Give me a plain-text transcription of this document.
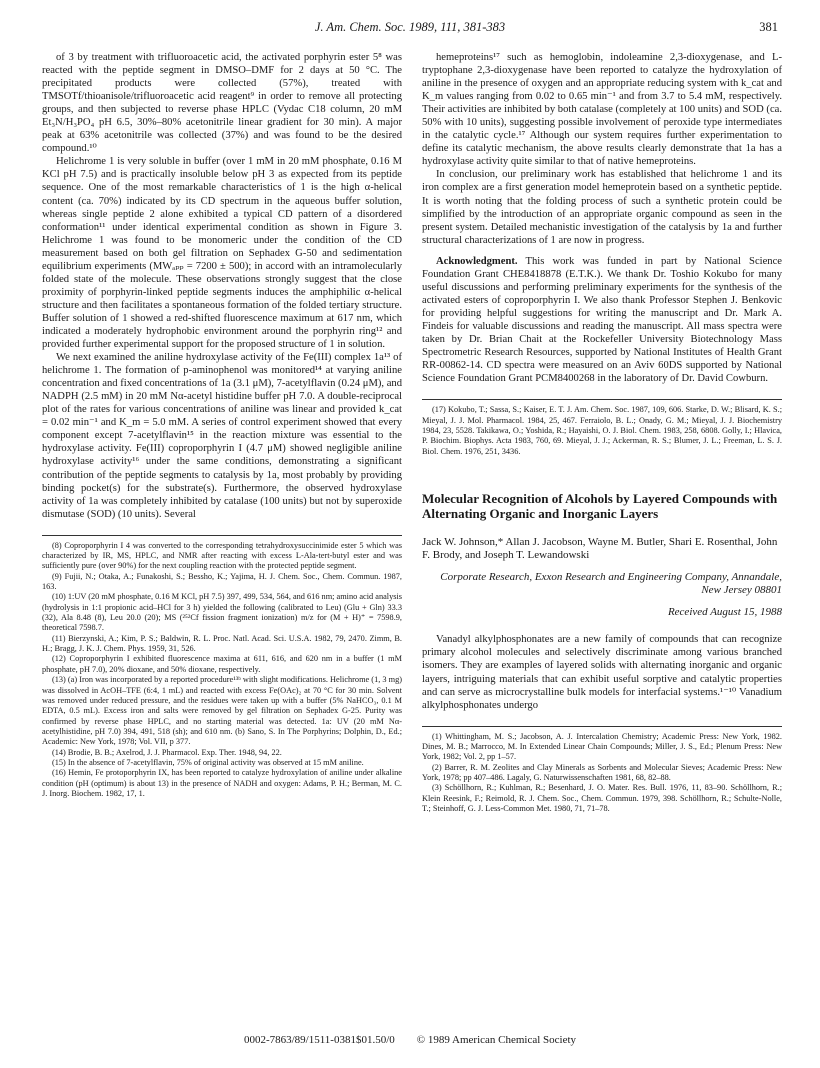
J. Am. Chem. Soc. 1989, 111, 381-383	381

of 3 by treatment with trifluoroacetic acid, the activated porphyrin ester 5⁸ was reacted with the peptide segment in DMSO–DMF for 2 days at 50 °C. The precipitated products were collected (57%), treated with TMSOTf/thioanisole/trifluoroacetic acid reagent⁹ in order to remove all protecting groups, and then subjected to reverse phase HPLC (Vydac C18 column, 20 mM Et₃N/H₃PO₄ pH 6.5, 30%–80% acetonitrile linear gradient for 30 min). A major peak at 63% acetonitrile was collected (37%) and was found to be the desired compound.¹⁰

Helichrome 1 is very soluble in buffer (over 1 mM in 20 mM phosphate, 0.16 M KCl pH 7.5) and is practically insoluble below pH 3 as expected from its peptide sequence. One of the most remarkable characteristics of 1 is the high α-helical content (ca. 70%) indicated by its CD spectrum in the aqueous buffer solution, whereas single peptide 2 alone exhibited a typical CD pattern of a disordered conformation¹¹ under identical experimental condition as shown in Figure 3. Helichrome 1 was found to be monomeric under the condition of the CD measurement based on both gel filtration on Sephadex G-50 and sedimentation equilibrium experiments (MWₐₚₚ = 7200 ± 500); in accord with an intramolecularly folded state of the molecule. These observations strongly suggest that the close proximity of porphyrin-linked peptide segments induces the amphiphilic α-helical structure and then facilitates a spontaneous formation of the folded tertiary structure. Buffer solution of 1 showed a red-shifted fluorescence maximum at 617 nm, which indicated a moderately hydrophobic environment around the porphyrin ring¹² and provided further experimental support for the proposed structure of 1 in solution.

We next examined the aniline hydroxylase activity of the Fe(III) complex 1a¹³ of helichrome 1. The formation of p-aminophenol was monitored¹⁴ at varying aniline concentration and fixed concentrations of 1a (3.1 μM), 7-acetylflavin (0.24 μM), and NADPH (2.5 mM) in 20 mM Nα-acetyl histidine buffer pH 7.0. A double-reciprocal plot of the rates for various concentrations of aniline was linear and provided k_cat = 0.02 min⁻¹ and K_m = 5.0 mM. A series of control experiment showed that every component except 7-acetylflavin¹⁵ in the reaction mixture was essential to the hydroxylase activity. Fe(III) coproporphyrin I (4.7 μM) showed negligible aniline hydroxylase activity¹⁶ under the same conditions, demonstrating a significant contribution of the peptide segments to catalysis by 1a, most probably by providing binding pocket(s) for the substrate(s). Furthermore, the observed hydroxylase activity of 1a was completely inhibited by catalase (100 units) but not by superoxide dismutase (SOD) (10 units). Several

(8) Coproporphyrin I 4 was converted to the corresponding tetrahydroxysuccinimide ester 5 which was characterized by IR, MS, HPLC, and NMR after reacting with excess L-Ala-tert-butyl ester and was sufficiently pure (over 90%) for the next coupling reaction with the protected peptide segment.

(9) Fujii, N.; Otaka, A.; Funakoshi, S.; Bessho, K.; Yajima, H. J. Chem. Soc., Chem. Commun. 1987, 163.

(10) 1:UV (20 mM phosphate, 0.16 M KCl, pH 7.5) 397, 499, 534, 564, and 616 nm; amino acid analysis (hydrolysis in 1:1 propionic acid–HCl for 3 h) yielded the following (calibrated to Leu) (Glu + Gln) 33.3 (32), Ala 8.48 (8), Leu 20.0 (20); MS (²⁵²Cf fission fragment ionization) m/z for (M + H)⁺ = 7598.9, theoretical 7598.7.

(11) Bierzynski, A.; Kim, P. S.; Baldwin, R. L. Proc. Natl. Acad. Sci. U.S.A. 1982, 79, 2470. Zimm, B. H.; Bragg, J. K. J. Chem. Phys. 1959, 31, 526.

(12) Coproporphyrin I exhibited fluorescence maxima at 611, 616, and 620 nm in a buffer (1 mM phosphate, pH 7.0), 20% dioxane, and 50% dioxane, respectively.

(13) (a) Iron was incorporated by a reported procedure¹³ᵇ with slight modifications. Helichrome (1, 3 mg) was dissolved in AcOH–TFE (6:4, 1 mL) and reacted with excess Fe(OAc)₂ at 70 °C for 30 min. Solvent was removed under reduced pressure, and the residues were taken up with a buffer (5% NaHCO₃, 0.1 M EDTA, 0.5 mL). Excess iron and salts were removed by gel filtration on Sephadex G-25. Purity was confirmed by reverse phase HPLC, and no starting material was detected. 1a: UV (20 mM Nα-acetylhistidine, pH 7.0) 394, 491, 518 (sh); and 610 nm. (b) Sano, S. In The Porphyrins; Dolphin, D., Ed.; Academic: New York, 1978; Vol. VII, p 377.

(14) Brodie, B. B.; Axelrod, J. J. Pharmacol. Exp. Ther. 1948, 94, 22.

(15) In the absence of 7-acetylflavin, 75% of original activity was observed at 15 mM aniline.

(16) Hemin, Fe protoporphyrin IX, has been reported to catalyze hydroxylation of aniline under alkaline condition (pH (optimum) is about 13) in the presence of NADH and oxygen: Adams, P. H.; Berman, M. C. J. Inorg. Biochem. 1982, 17, 1.

hemeproteins¹⁷ such as hemoglobin, indoleamine 2,3-dioxygenase, and L-tryptophane 2,3-dioxygenase have been reported to catalyze the hydroxylation of aniline in the presence of oxygen and an appropriate reducing system with k_cat and K_m values ranging from 0.02 to 0.65 min⁻¹ and from 3.7 to 5.4 mM, respectively. Their activities are inhibited by both catalase (completely at 100 units) and SOD (ca. 50% with 10 units), suggesting possible involvement of peroxide type intermediates in the catalytic cycle.¹⁷ Although our system requires further experimentation to define its catalytic mechanism, the above results clearly demonstrate that 1a has a hydroxylase activity quite similar to that of native hemeproteins.

In conclusion, our preliminary work has established that helichrome 1 and its iron complex are a first generation model hemeprotein based on a synthetic peptide. It is worth noting that the folding process of such a synthetic protein could be simplified by the introduction of an appropriate organic compound as seen in the present system. Detailed mechanistic investigation of the catalysis by 1a and further structural characterizations of 1 are now in progress.

Acknowledgment. This work was funded in part by National Science Foundation Grant CHE8418878 (E.T.K.). We thank Dr. Toshio Kokubo for many useful discussions and performing preliminary experiments for the synthesis of the activated esters of coproporphyrin I. We also thank Professor Stephen J. Benkovic for providing helpful suggestions for writing the manuscript and Dr. Mark A. Findeis for valuable discussions and reading the manuscript. All mass spectra were taken by Dr. Brian Chait at the Rockefeller University Biotechnology Mass Spectrometric Research Resources, supported by National Institutes of Health Grant RR-00862-14. CD spectra were measured on an Aviv 60DS supported by National Science Foundation Grant PCM8400268 in the laboratory of Dr. David Cowburn.

(17) Kokubo, T.; Sassa, S.; Kaiser, E. T. J. Am. Chem. Soc. 1987, 109, 606. Starke, D. W.; Blisard, K. S.; Mieyal, J. J. Mol. Pharmacol. 1984, 25, 467. Ferraiolo, B. L.; Onady, G. M.; Mieyal, J. J. Biochemistry 1984, 23, 5528. Takikawa, O.; Yoshida, R.; Hayaishi, O. J. Biol. Chem. 1983, 258, 6808. Golly, I.; Hlavica, P. Biochim. Biophys. Acta 1983, 760, 69. Mieyal, J. J.; Ackerman, R. S.; Blumer, J. L.; Freeman, L. S. J. Biol. Chem. 1976, 251, 3436.

Molecular Recognition of Alcohols by Layered Compounds with Alternating Organic and Inorganic Layers
Jack W. Johnson,* Allan J. Jacobson, Wayne M. Butler, Shari E. Rosenthal, John F. Brody, and Joseph T. Lewandowski
Corporate Research, Exxon Research and Engineering Company, Annandale, New Jersey 08801
Received August 15, 1988

Vanadyl alkylphosphonates are a new family of compounds that can recognize primary alcohol molecules and selectively discriminate among various branched isomers. They are examples of layered solids with alternating inorganic and organic layers, intriguing materials that can exhibit useful sorptive and catalytic properties and can serve as microcrystalline bulk models for interfacial systems.¹⁻¹⁰ Vanadium alkylphosphonates undergo

(1) Whittingham, M. S.; Jacobson, A. J. Intercalation Chemistry; Academic Press: New York, 1982. Dines, M. B.; Marrocco, M. In Extended Linear Chain Compounds; Miller, J. S., Ed.; Plenum Press: New York, 1982; Vol. 2, pp 1–57.

(2) Barrer, R. M. Zeolites and Clay Minerals as Sorbents and Molecular Sieves; Academic Press: New York, 1978; pp 407–486. Lagaly, G. Naturwissenschaften 1981, 68, 82–88.

(3) Schöllhorn, R.; Kuhlman, R.; Besenhard, J. O. Mater. Res. Bull. 1976, 11, 83–90. Schöllhorn, R.; Klein Reesink, F.; Reimold, R. J. Chem. Soc., Chem. Commun. 1979, 398. Schöllhorn, R.; Schulte-Nolle, T.; Steinhoff, G. J. Less-Common Met. 1980, 71, 71–78.

0002-7863/89/1511-0381$01.50/0 © 1989 American Chemical Society
